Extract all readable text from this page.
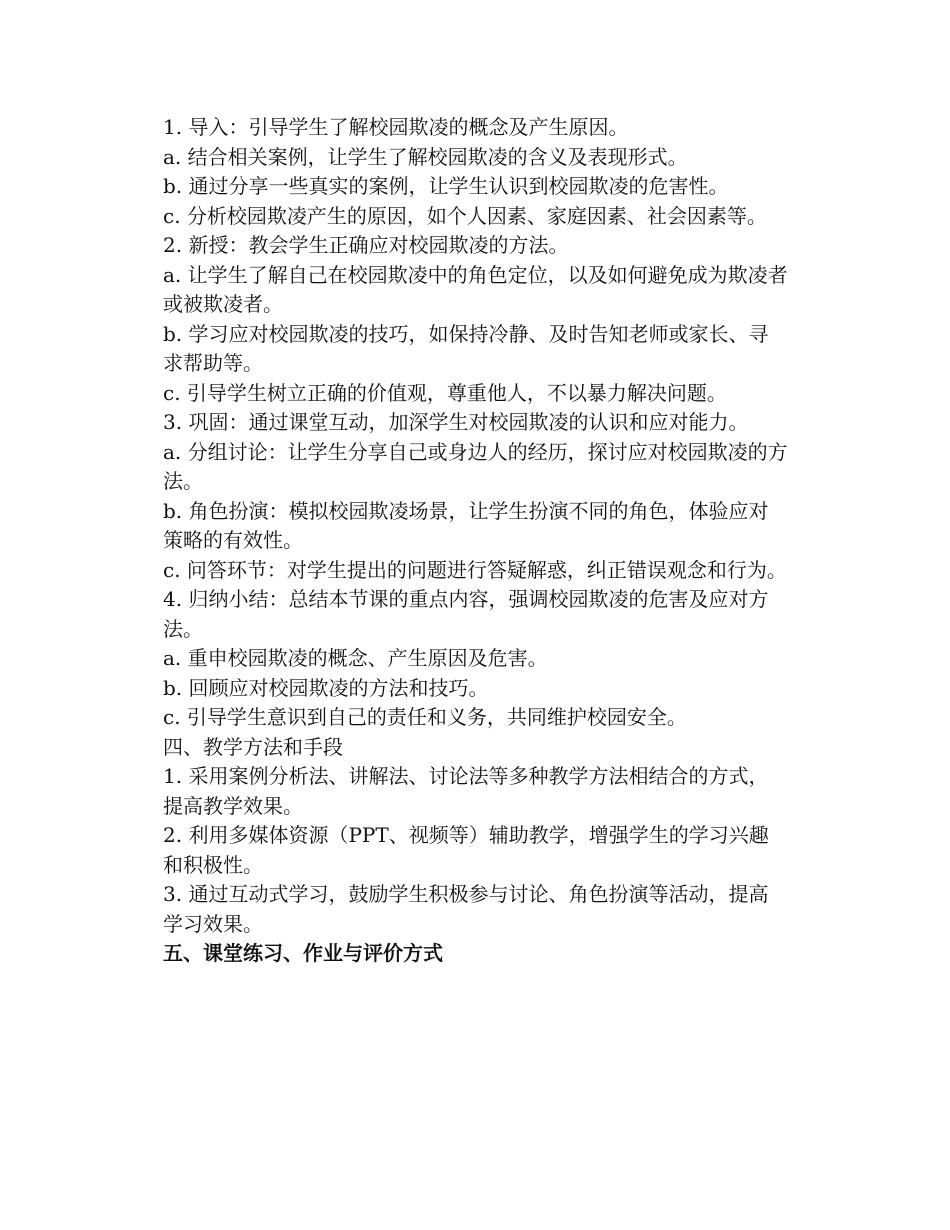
1. 导入：引导学生了解校园欺凌的概念及产生原因。

a. 结合相关案例，让学生了解校园欺凌的含义及表现形式。

b. 通过分享一些真实的案例，让学生认识到校园欺凌的危害性。

c. 分析校园欺凌产生的原因，如个人因素、家庭因素、社会因素等。

2. 新授：教会学生正确应对校园欺凌的方法。

a. 让学生了解自己在校园欺凌中的角色定位，以及如何避免成为欺凌者或被欺凌者。

b. 学习应对校园欺凌的技巧，如保持冷静、及时告知老师或家长、寻求帮助等。

c. 引导学生树立正确的价值观，尊重他人，不以暴力解决问题。

3. 巩固：通过课堂互动，加深学生对校园欺凌的认识和应对能力。

a. 分组讨论：让学生分享自己或身边人的经历，探讨应对校园欺凌的方法。

b. 角色扮演：模拟校园欺凌场景，让学生扮演不同的角色，体验应对策略的有效性。

c. 问答环节：对学生提出的问题进行答疑解惑，纠正错误观念和行为。

4. 归纳小结：总结本节课的重点内容，强调校园欺凌的危害及应对方法。

a. 重申校园欺凌的概念、产生原因及危害。

b. 回顾应对校园欺凌的方法和技巧。

c. 引导学生意识到自己的责任和义务，共同维护校园安全。

四、教学方法和手段

1. 采用案例分析法、讲解法、讨论法等多种教学方法相结合的方式，提高教学效果。

2. 利用多媒体资源（PPT、视频等）辅助教学，增强学生的学习兴趣和积极性。

3. 通过互动式学习，鼓励学生积极参与讨论、角色扮演等活动，提高学习效果。

五、课堂练习、作业与评价方式
